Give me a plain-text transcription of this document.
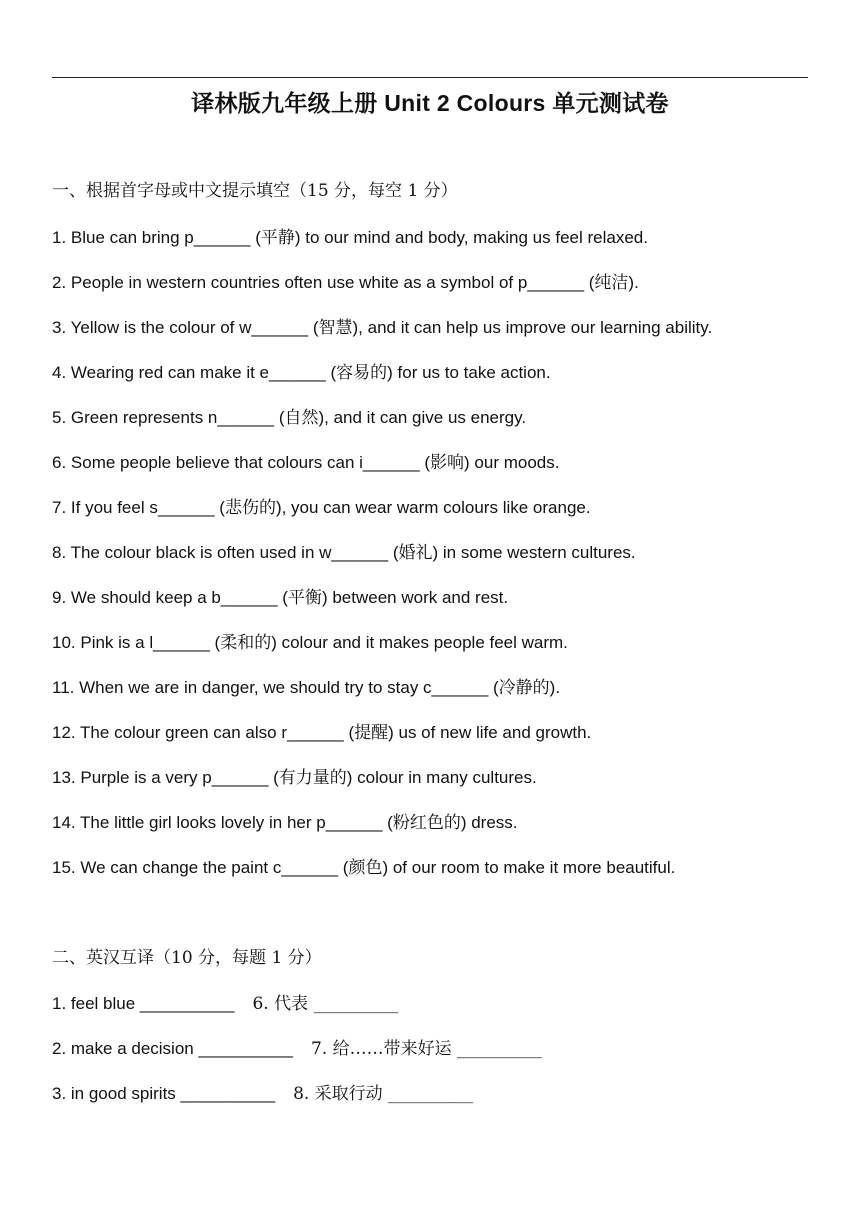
译林版九年级上册 Unit 2 Colours 单元测试卷
一、根据首字母或中文提示填空（15 分，每空 1 分）
1. Blue can bring p______ (平静) to our mind and body, making us feel relaxed.
2. People in western countries often use white as a symbol of p______ (纯洁).
3. Yellow is the colour of w______ (智慧), and it can help us improve our learning ability.
4. Wearing red can make it e______ (容易的) for us to take action.
5. Green represents n______ (自然), and it can give us energy.
6. Some people believe that colours can i______ (影响) our moods.
7. If you feel s______ (悲伤的), you can wear warm colours like orange.
8. The colour black is often used in w______ (婚礼) in some western cultures.
9. We should keep a b______ (平衡) between work and rest.
10. Pink is a l______ (柔和的) colour and it makes people feel warm.
11. When we are in danger, we should try to stay c______ (冷静的).
12. The colour green can also r______ (提醒) us of new life and growth.
13. Purple is a very p______ (有力量的) colour in many cultures.
14. The little girl looks lovely in her p______ (粉红色的) dress.
15. We can change the paint c______ (颜色) of our room to make it more beautiful.
二、英汉互译（10 分，每题 1 分）
1. feel blue __________ 6. 代表 __________
2. make a decision __________ 7. 给……带来好运 __________
3. in good spirits __________ 8. 采取行动 __________
